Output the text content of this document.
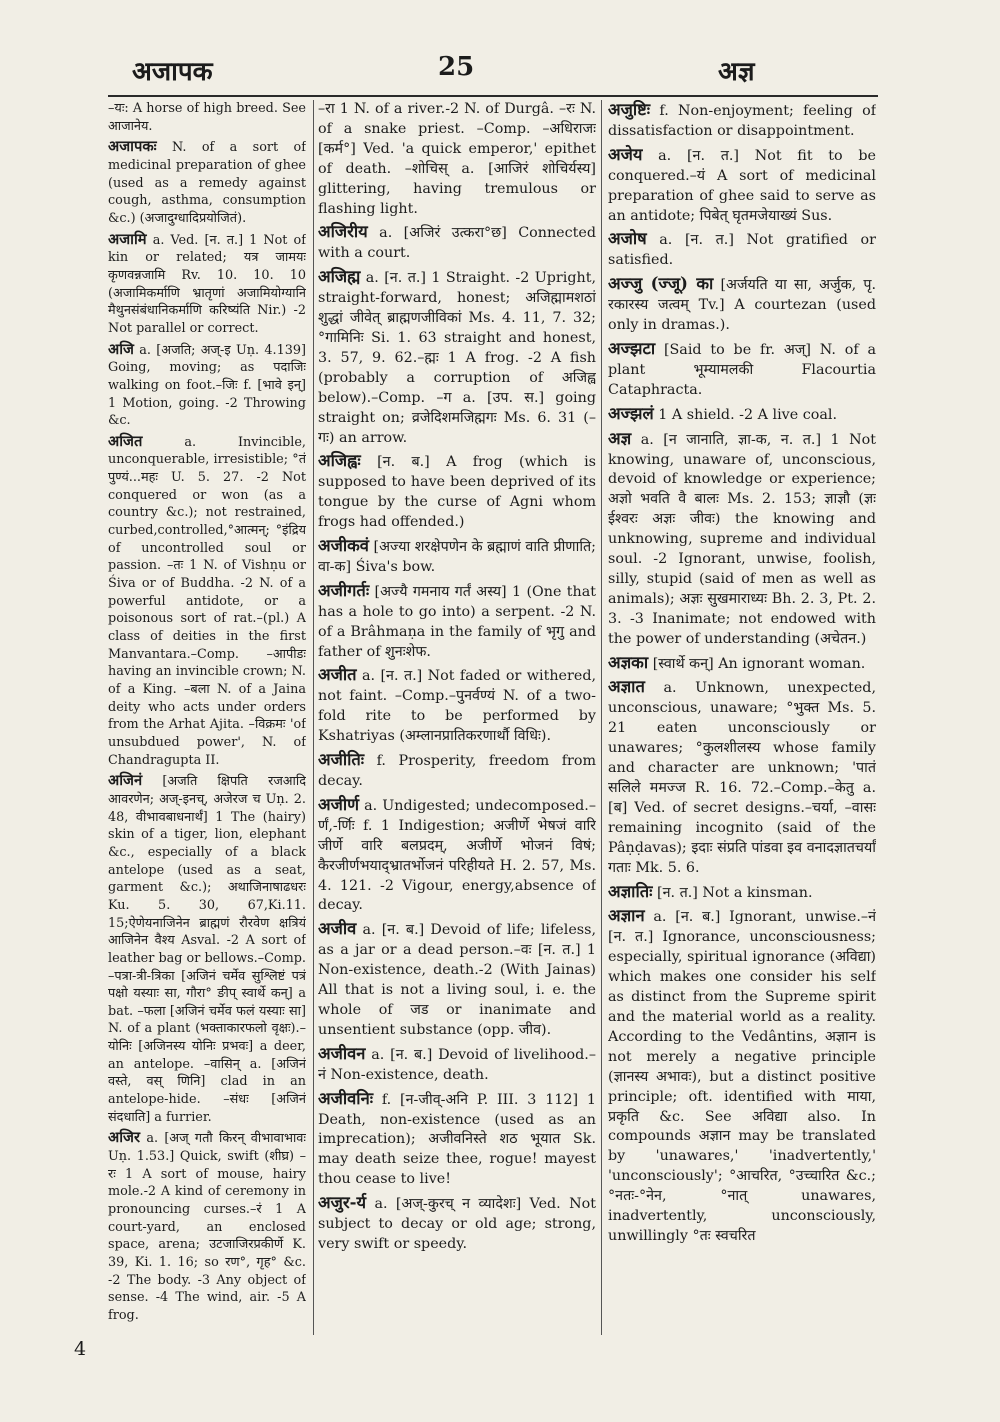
अजापक	25	अज्ञ

–यः: A horse of high breed. See आजानेय.

अजापकः N. of a sort of medicinal preparation of ghee (used as a remedy against cough, asthma, consumption &c.) (अजादुग्धादिप्रयोजितं).

अजामि a. Ved. [न. त.] 1 Not of kin or related; यत्र जामयः कृणवन्नजामि Rv. 10. 10. 10 (अजामिकर्माणि भ्रातृणां अजामियोग्यानि मैथुनसंबंधानिकर्माणि करिष्यंति Nir.) -2 Not parallel or correct.

अजि a. [अजति; अज्-इ Uṇ. 4.139] Going, moving; as पदाजिः walking on foot.–जिः f. [भावे इन्] 1 Motion, going. -2 Throwing &c.

अजित	a. Invincible, unconquerable, irresistible; °तं पुण्यं...महः U. 5. 27. -2 Not conquered or won (as a country &c.); not restrained, curbed,controlled,°आत्मन्; °इंद्रिय of uncontrolled soul or passion. –तः 1 N. of Vishṇu or Śiva or of Buddha. -2 N. of a powerful antidote, or a poisonous sort of rat.–(pl.) A class of deities in the first Manvantara.–Comp. –आपीडः having an invincible crown; N. of a King. –बला N. of a Jaina deity who acts under orders from the Arhat Ajita. –विक्रमः 'of unsubdued power', N. of Chandragupta II.

अजिनं [अजति क्षिपति रजआदि आवरणेन; अज्-इनच्, अजेरज च Uṇ. 2. 48, वीभावबाधनार्थं] 1 The (hairy) skin of a tiger, lion, elephant &c., especially of a black antelope (used as a seat, garment &c.); अथाजिनाषाढधरः Ku. 5. 30, 67,Ki.11. 15;ऐणेयनाजिनेन ब्राह्मणं रौरवेण क्षत्रियं आजिनेन वैश्य Asval. -2 A sort of leather bag or bellows.–Comp. –पत्रा-त्री-त्रिका [अजिनं चर्मेव सुश्लिष्टं पत्रं पक्षो यस्याः सा, गौरा° ङीप् स्वार्थे कन्] a bat. –फला [अजिनं चर्मेव फलं यस्याः सा] N. of a plant (भक्ताकारफलो वृक्षः).–योनिः [अजिनस्य योनिः प्रभवः] a deer, an antelope. –वासिन् a. [अजिनं वस्ते, वस् णिनि] clad in an antelope-hide. –संधः [अजिनं संदधाति] a furrier.

अजिर a. [अज् गतौ किरन् वीभावाभावः Uṇ. 1.53.] Quick, swift (शीघ्र) –रः 1 A sort of mouse, hairy mole.-2 A kind of ceremony in pronouncing curses.–रं 1 A court-yard, an enclosed space, arena; उटजाजिरप्रकीर्णे K. 39, Ki. 1. 16; so रण°, गृह° &c. -2 The body. -3 Any object of sense. -4 The wind, air. -5 A frog.

–रा 1 N. of a river.-2 N. of Durgâ. –रः N. of a snake priest. –Comp. –अधिराजः [कर्म°] Ved. 'a quick emperor,' epithet of death. –शोचिस् a. [आजिरं शोचिर्यस्य] glittering, having tremulous or flashing light.

अजिरीय a. [अजिरं उत्करा°छ] Connected with a court.

अजिह्म a. [न. त.] 1 Straight. -2 Upright, straight-forward, honest; अजिह्मामशठां शुद्धां जीवेत् ब्राह्मणजीविकां Ms. 4. 11, 7. 32; °गामिनिः Si. 1. 63 straight and honest, 3. 57, 9. 62.–ह्मः 1 A frog. -2 A fish (probably a corruption of अजिह्व below).–Comp. –ग a. [उप. स.] going straight on; व्रजेदिशमजिह्मगः Ms. 6. 31 (–गः) an arrow.

अजिह्वः [न. ब.] A frog (which is supposed to have been deprived of its tongue by the curse of Agni whom frogs had offended.)

अजीकवं [अज्या शरक्षेपणेन के ब्रह्माणं वाति प्रीणाति; वा-क] Śiva's bow.

अजीगर्तः [अज्यै गमनाय गर्तं अस्य] 1 (One that has a hole to go into) a serpent. -2 N. of a Brâhmaṇa in the family of भृगु and father of शुनःशेफ.

अजीत a. [न. त.] Not faded or withered, not faint. –Comp.–पुनर्वण्यं N. of a two-fold rite to be performed by Kshatriyas (अम्लानप्रातिकरणार्थौ विधिः).

अजीतिः f. Prosperity, freedom from decay.

अजीर्ण a. Undigested; undecomposed.–र्णं,-र्णिः f. 1 Indigestion; अजीर्णे भेषजं वारि जीर्णे वारि बलप्रदम्, अजीर्णे भोजनं विषं; कैरजीर्णभयाद्भ्रातर्भोजनं परिहीयते H. 2. 57, Ms. 4. 121. -2 Vigour, energy,absence of decay.

अजीव a. [न. ब.] Devoid of life; lifeless, as a jar or a dead person.–वः [न. त.] 1 Non-existence, death.-2 (With Jainas) All that is not a living soul, i. e. the whole of जड or inanimate and unsentient substance (opp. जीव).

अजीवन a. [न. ब.] Devoid of livelihood.–नं Non-existence, death.

अजीवनिः f. [न-जीव्-अनि P. III. 3 112] 1 Death, non-existence (used as an imprecation); अजीवनिस्ते शठ भूयात Sk. may death seize thee, rogue! mayest thou cease to live!

अजुर-र्य a. [अज्-कुरच् न व्यादेशः] Ved. Not subject to decay or old age; strong, very swift or speedy.

अजुष्टिः f. Non-enjoyment; feeling of dissatisfaction or disappointment.

अजेय a. [न. त.] Not fit to be conquered.–यं A sort of medicinal preparation of ghee said to serve as an antidote; पिबेत् घृतमजेयाख्यं Sus.

अजोष a. [न. त.] Not gratified or satisfied.

अज्जु (ज्जू) का [अर्जयति या सा, अर्जुक, पृ. रकारस्य जत्वम् Tv.] A courtezan (used only in dramas.).

अज्झटा [Said to be fr. अज्] N. of a plant भूम्यामलकी Flacourtia Cataphracta.

अज्झलं 1 A shield. -2 A live coal.

अज्ञ a. [न जानाति, ज्ञा-क, न. त.] 1 Not knowing, unaware of, unconscious, devoid of knowledge or experience; अज्ञो भवति वै बालः Ms. 2. 153; ज्ञाज्ञौ (ज्ञः ईश्वरः अज्ञः जीवः) the knowing and unknowing, supreme and individual soul. -2 Ignorant, unwise, foolish, silly, stupid (said of men as well as animals); अज्ञः सुखमाराध्यः Bh. 2. 3, Pt. 2. 3. -3 Inanimate; not endowed with the power of understanding (अचेतन.)

अज्ञका [स्वार्थे कन्] An ignorant woman.

अज्ञात a. Unknown, unexpected, unconscious, unaware; °भुक्त Ms. 5. 21 eaten unconsciously or unawares; °कुलशीलस्य whose family and character are unknown; 'पातं सलिले ममज्ज R. 16. 72.–Comp.–केतु a. [ब] Ved. of secret designs.–चर्या, –वासः remaining incognito (said of the Pâṇḍavas); इदाः संप्रति पांडवा इव वनादज्ञातचर्यां गताः Mk. 5. 6.

अज्ञातिः [न. त.] Not a kinsman.

अज्ञान a. [न. ब.] Ignorant, unwise.–नं [न. त.] Ignorance, unconsciousness; especially, spiritual ignorance (अविद्या) which makes one consider his self as distinct from the Supreme spirit and the material world as a reality. According to the Vedântins, अज्ञान is not merely a negative principle (ज्ञानस्य अभावः), but a distinct positive principle; oft. identified with माया, प्रकृति &c. See अविद्या also. In compounds अज्ञान may be translated by 'unawares,' 'inadvertently,' 'unconsciously'; °आचरित, °उच्चारित &c.; °नतः-°नेन, °नात् unawares, inadvertently, unconsciously, unwillingly °तः स्वचरित

4
